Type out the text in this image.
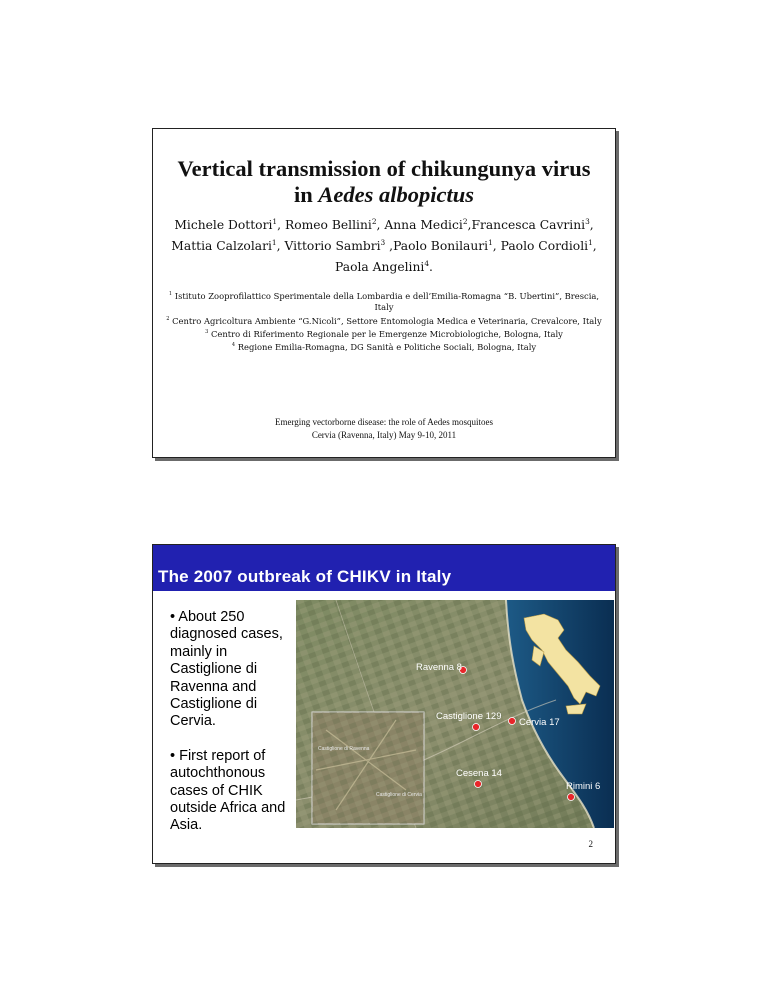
Vertical transmission of chikungunya virus
in Aedes albopictus
Michele Dottori$^1$, Romeo Bellini$^2$, Anna Medici$^2$,Francesca Cavrini$^3$, Mattia Calzolari$^1$, Vittorio Sambri$^3$ ,Paolo Bonilauri$^1$, Paolo Cordioli$^1$, Paola Angelini$^4$.
$^1$ Istituto Zooprofilattico Sperimentale della Lombardia e dell’Emilia-Romagna “B. Ubertini”, Brescia, Italy
$^2$ Centro Agricoltura Ambiente “G.Nicoli”, Settore Entomologia Medica e Veterinaria, Crevalcore, Italy
$^3$ Centro di Riferimento Regionale per le Emergenze Microbiologiche, Bologna, Italy
$^4$ Regione Emilia-Romagna, DG Sanità e Politiche Sociali, Bologna, Italy
Emerging vectorborne disease: the role of Aedes mosquitoes
Cervia (Ravenna, Italy) May 9-10, 2011
The 2007 outbreak of CHIKV in Italy
• About 250 diagnosed cases, mainly in Castiglione di Ravenna and Castiglione di Cervia.
• First report of autochthonous cases of CHIK outside Africa and Asia.
Castiglione di Ravenna
Castiglione di Cervia
Ravenna 8
Castiglione 129
Cervia 17
Cesena 14
Rimini 6
2
